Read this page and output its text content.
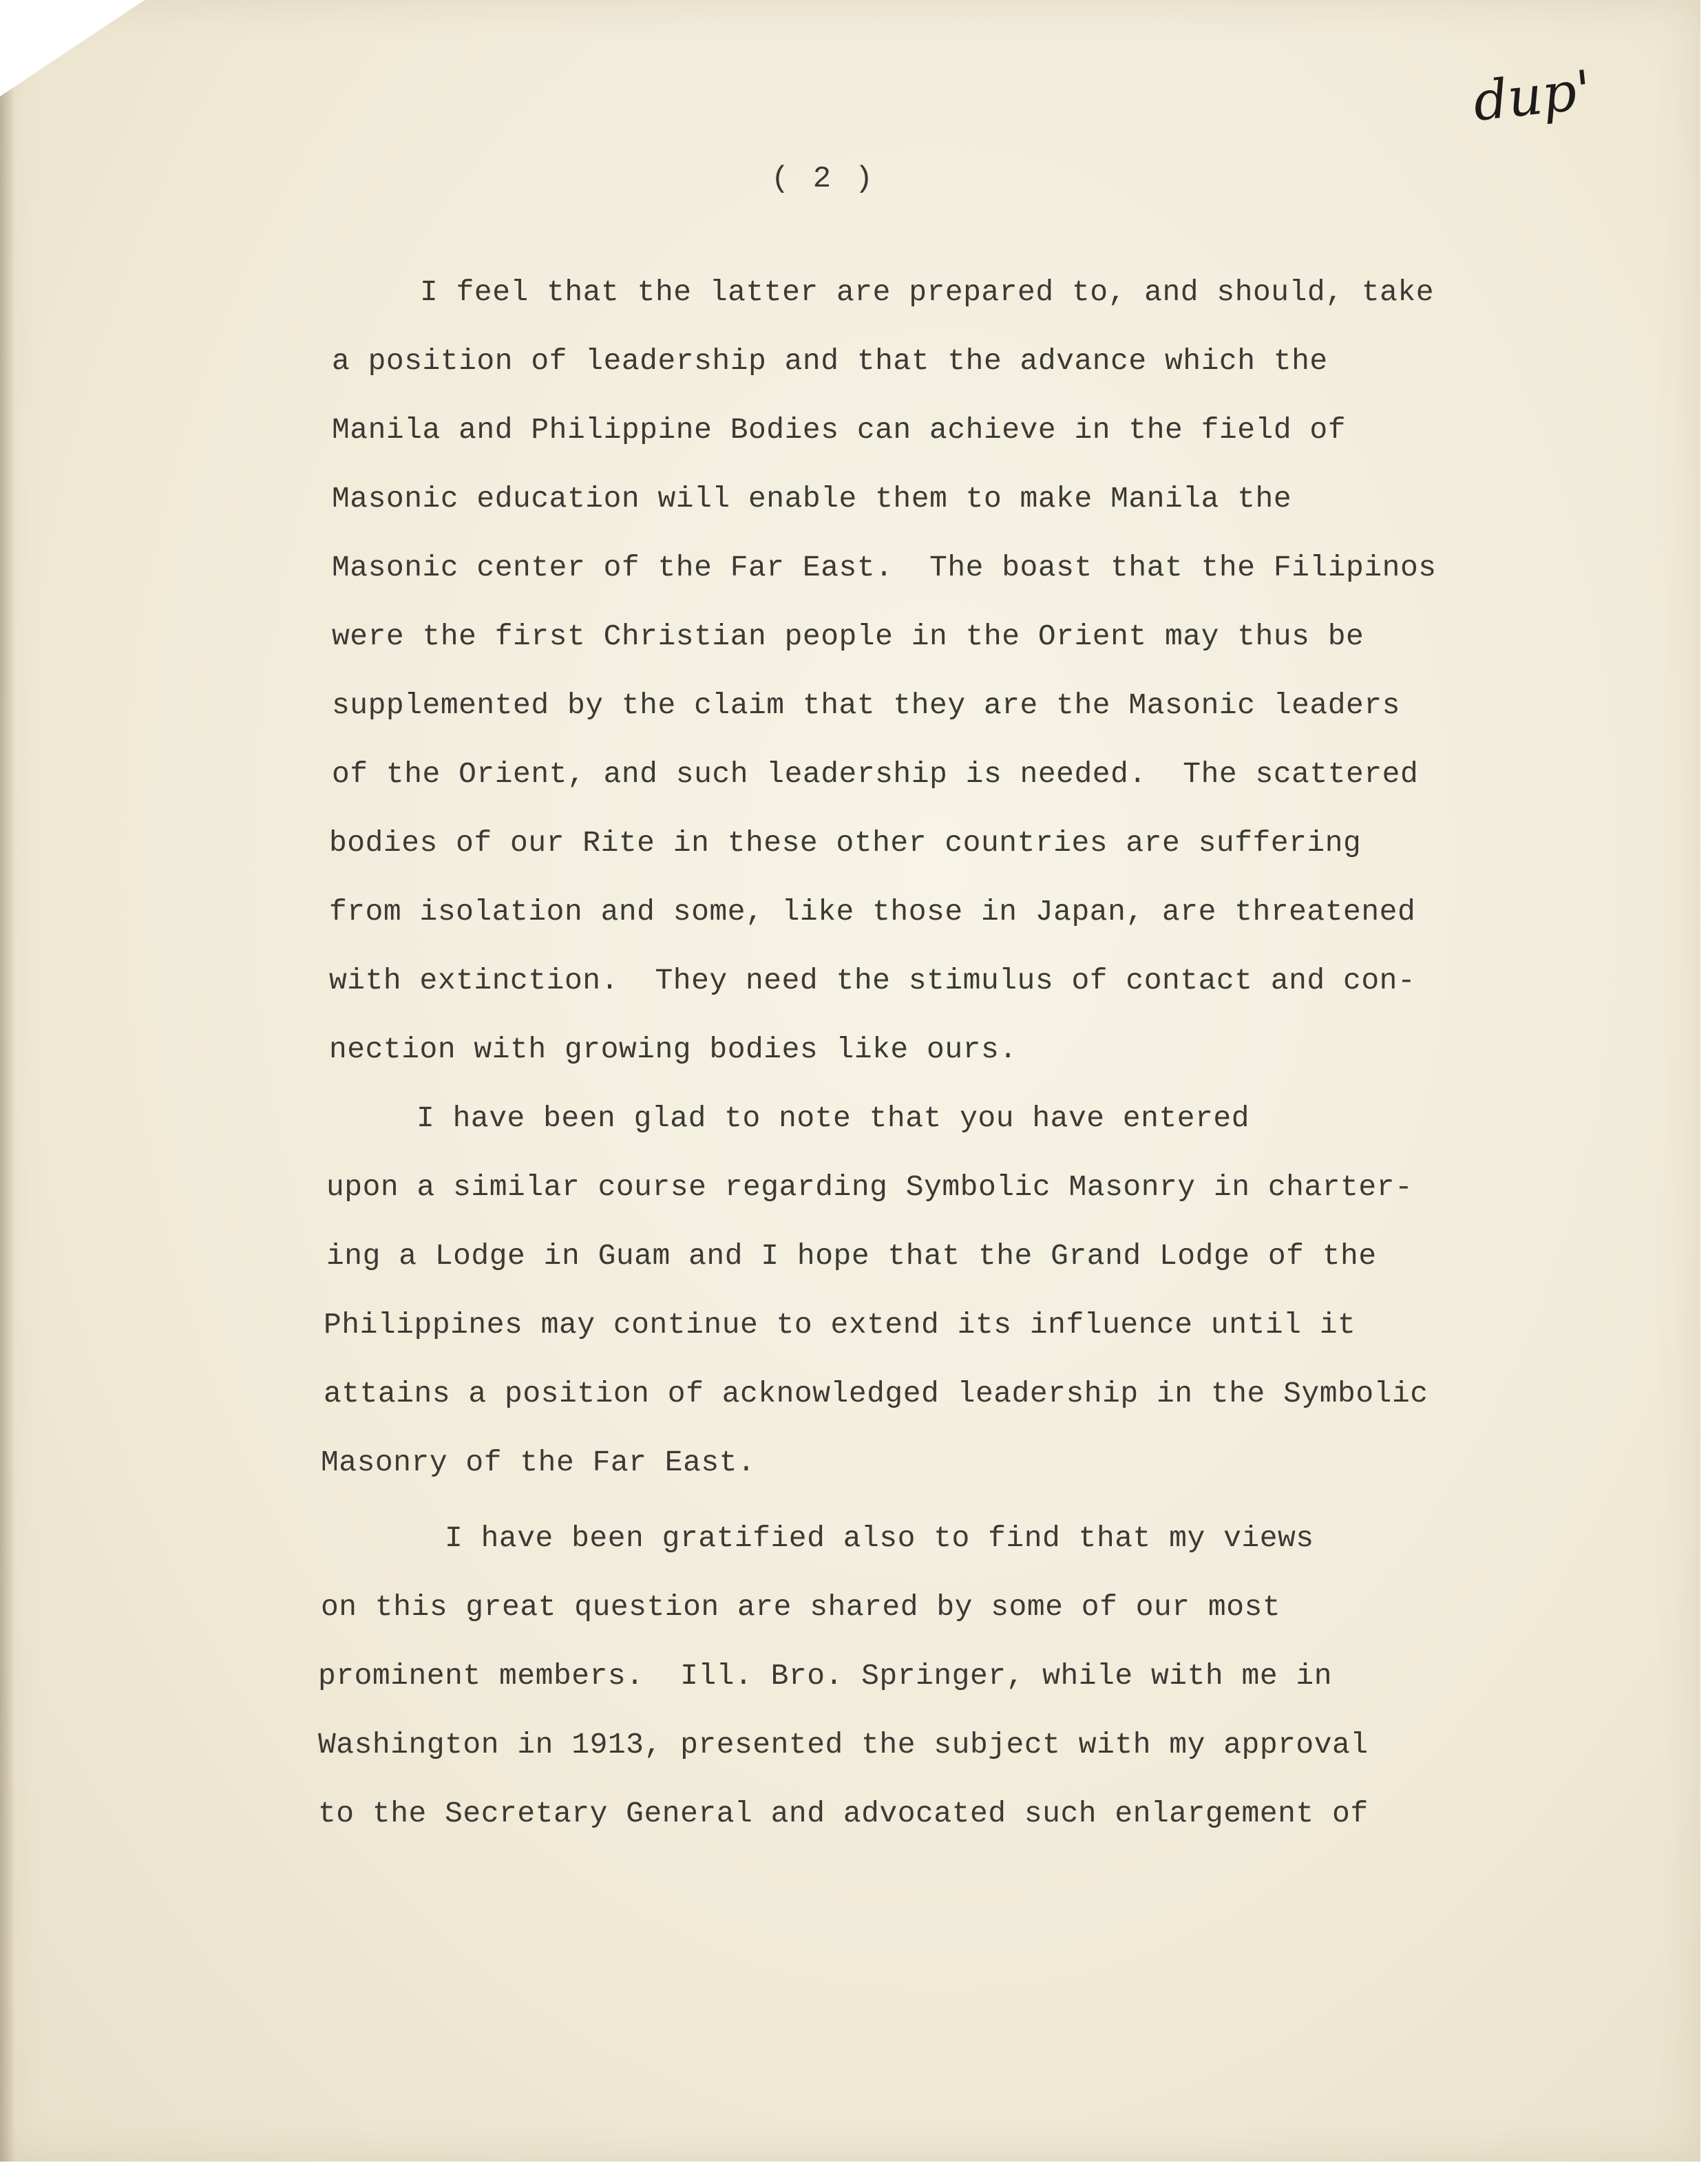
( 2 )
dup'
I feel that the latter are prepared to, and should, take
a position of leadership and that the advance which the
Manila and Philippine Bodies can achieve in the field of
Masonic education will enable them to make Manila the
Masonic center of the Far East.  The boast that the Filipinos
were the first Christian people in the Orient may thus be
supplemented by the claim that they are the Masonic leaders
of the Orient, and such leadership is needed.  The scattered
bodies of our Rite in these other countries are suffering
from isolation and some, like those in Japan, are threatened
with extinction.  They need the stimulus of contact and con-
nection with growing bodies like ours.
I have been glad to note that you have entered
upon a similar course regarding Symbolic Masonry in charter-
ing a Lodge in Guam and I hope that the Grand Lodge of the
Philippines may continue to extend its influence until it
attains a position of acknowledged leadership in the Symbolic
Masonry of the Far East.
I have been gratified also to find that my views
on this great question are shared by some of our most
prominent members.  Ill. Bro. Springer, while with me in
Washington in 1913, presented the subject with my approval
to the Secretary General and advocated such enlargement of
